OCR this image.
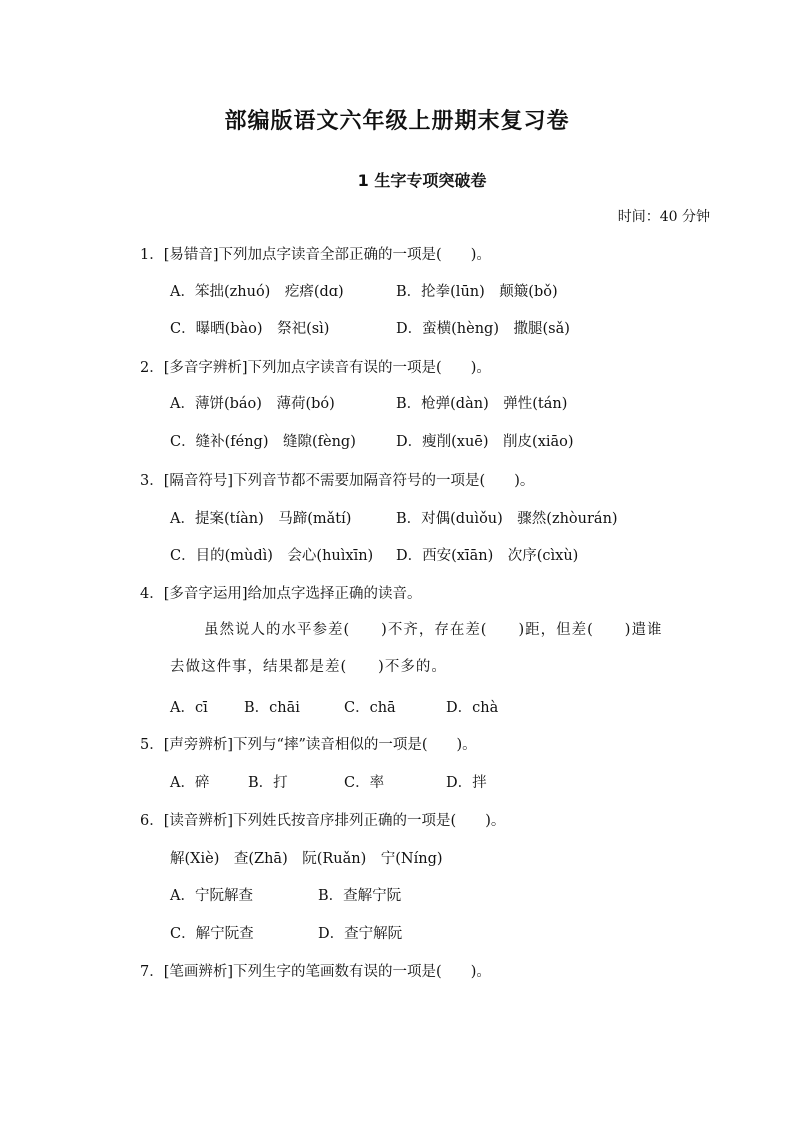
部编版语文六年级上册期末复习卷
1 生字专项突破卷
时间：40 分钟
1．[易错音]下列加点字读音全部正确的一项是(　　)。
A．笨拙(zhuó)　疙瘩(dɑ)	B．抡拳(lūn)　颠簸(bǒ)
C．曝晒(bào)　祭祀(sì)	D．蛮横(hèng)　撒腿(sǎ)
2．[多音字辨析]下列加点字读音有误的一项是(　　)。
A．薄饼(báo)　薄荷(bó)	B．枪弹(dàn)　弹性(tán)
C．缝补(féng)　缝隙(fèng)	D．瘦削(xuē)　削皮(xiāo)
3．[隔音符号]下列音节都不需要加隔音符号的一项是(　　)。
A．提案(tíàn)　马蹄(mǎtí)	B．对偶(duìǒu)　骤然(zhòurán)
C．目的(mùdì)　会心(huìxīn) D．西安(xīān)　次序(cìxù)
4．[多音字运用]给加点字选择正确的读音。
虽然说人的水平参差(　　)不齐，存在差(　　)距，但差(　　)遣谁
去做这件事，结果都是差(　　)不多的。
A．cī	B．chāi	C．chā	D．chà
5．[声旁辨析]下列与“摔”读音相似的一项是(　　)。
A．碎	B．打	C．率	D．拌
6．[读音辨析]下列姓氏按音序排列正确的一项是(　　)。
解(Xiè)　查(Zhā)　阮(Ruǎn)　宁(Níng)
A．宁阮解查	B．查解宁阮
C．解宁阮查	D．查宁解阮
7．[笔画辨析]下列生字的笔画数有误的一项是(　　)。
